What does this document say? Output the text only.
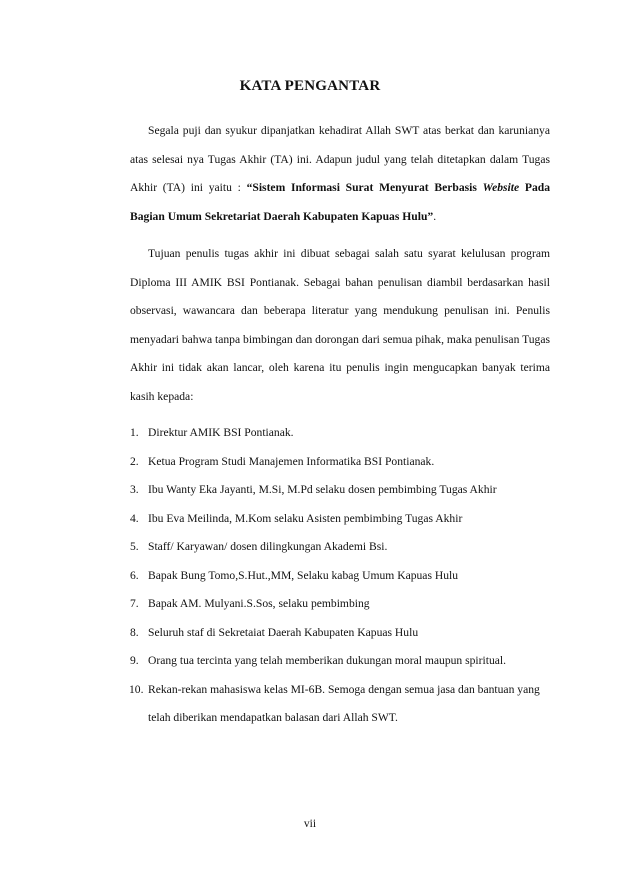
KATA PENGANTAR

Segala puji dan syukur dipanjatkan kehadirat Allah SWT atas berkat dan karunianya atas selesai nya Tugas Akhir (TA) ini. Adapun judul yang telah ditetapkan dalam Tugas Akhir (TA) ini yaitu : “Sistem Informasi Surat Menyurat Berbasis Website Pada Bagian Umum Sekretariat Daerah Kabupaten Kapuas Hulu”.

Tujuan penulis tugas akhir ini dibuat sebagai salah satu syarat kelulusan program Diploma III AMIK BSI Pontianak. Sebagai bahan penulisan diambil berdasarkan hasil observasi, wawancara dan beberapa literatur yang mendukung penulisan ini. Penulis menyadari bahwa tanpa bimbingan dan dorongan dari semua pihak, maka penulisan Tugas Akhir ini tidak akan lancar, oleh karena itu penulis ingin mengucapkan banyak terima kasih kepada:

1. Direktur AMIK BSI Pontianak.
2. Ketua Program Studi Manajemen Informatika BSI Pontianak.
3. Ibu Wanty Eka Jayanti, M.Si, M.Pd selaku dosen pembimbing Tugas Akhir
4. Ibu Eva Meilinda, M.Kom selaku Asisten pembimbing Tugas Akhir
5. Staff/ Karyawan/ dosen dilingkungan Akademi Bsi.
6. Bapak Bung Tomo,S.Hut.,MM, Selaku kabag Umum Kapuas Hulu
7. Bapak AM. Mulyani.S.Sos, selaku pembimbing
8. Seluruh staf di Sekretaiat Daerah Kabupaten Kapuas Hulu
9. Orang tua tercinta yang telah memberikan dukungan moral maupun spiritual.
10. Rekan-rekan mahasiswa kelas MI-6B. Semoga dengan semua jasa dan bantuan yang telah diberikan mendapatkan balasan dari Allah SWT.
vii
